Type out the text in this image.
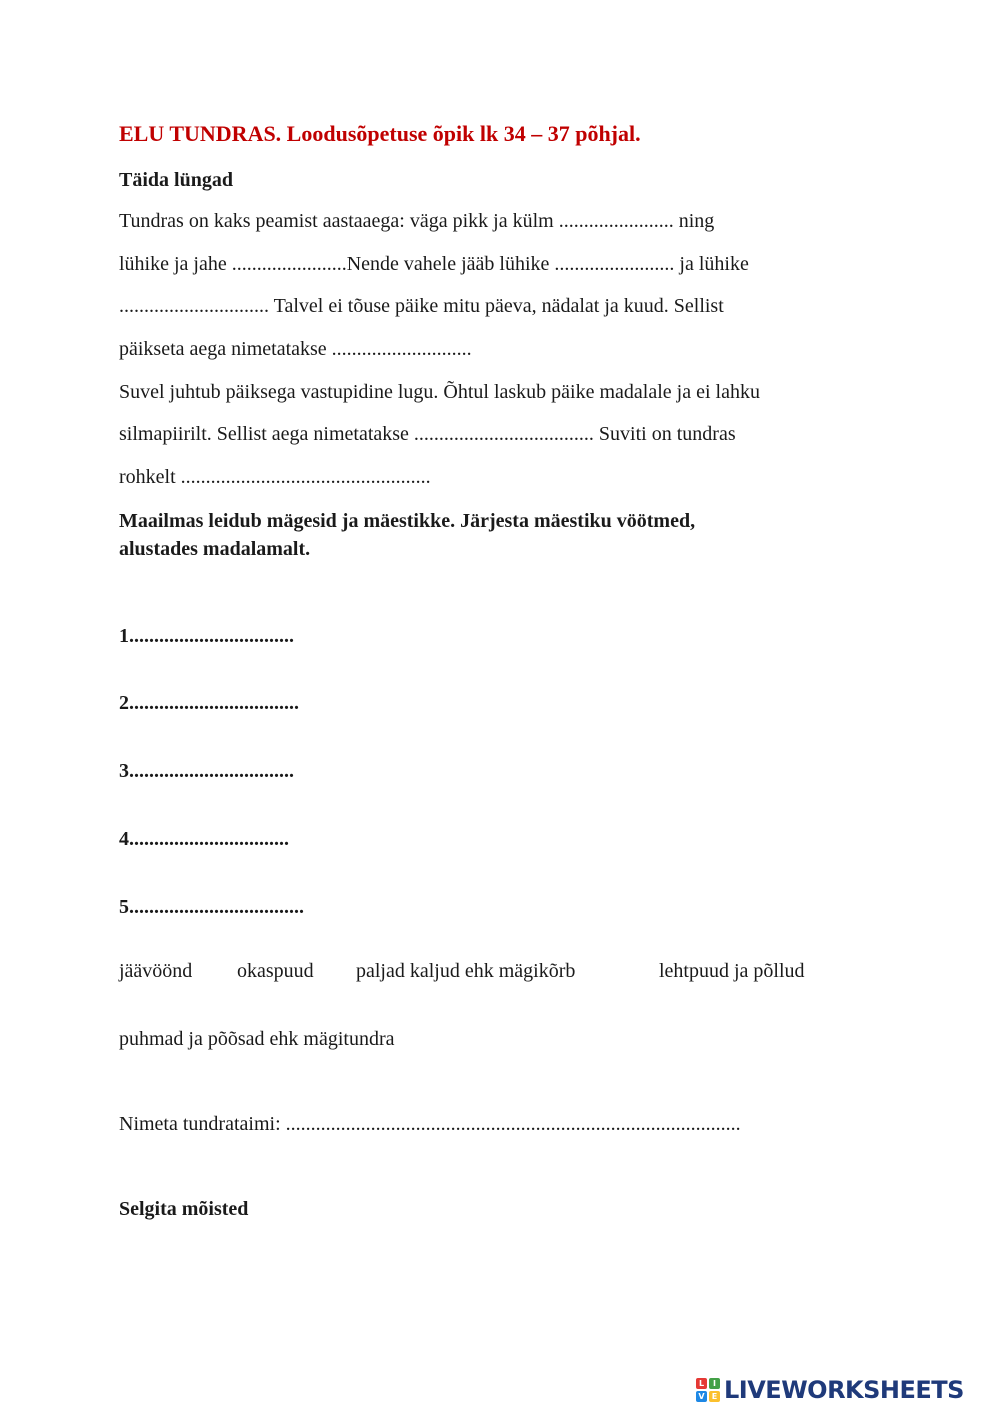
ELU TUNDRAS. Loodusõpetuse õpik lk 34 – 37 põhjal.
Täida lüngad
Tundras on kaks peamist aastaaega: väga pikk ja külm ....................... ning
lühike ja jahe .......................Nende vahele jääb lühike ........................ ja lühike
.............................. Talvel ei tõuse päike mitu päeva, nädalat ja kuud. Sellist
päikseta aega nimetatakse ............................
Suvel juhtub päiksega vastupidine lugu. Õhtul laskub päike madalale ja ei lahku
silmapiirilt. Sellist aega nimetatakse .................................... Suviti on tundras
rohkelt ..................................................
Maailmas leidub mägesid ja mäestikke. Järjesta mäestiku vöötmed,
alustades madalamalt.
1.................................
2..................................
3.................................
4................................
5...................................
jäävöönd okaspuud paljad kaljud ehk mägikõrb	lehtpuud ja põllud
puhmad ja põõsad ehk mägitundra
Nimeta tundrataimi: ...........................................................................................
Selgita mõisted
L	I
V E LIVEWORKSHEETS
